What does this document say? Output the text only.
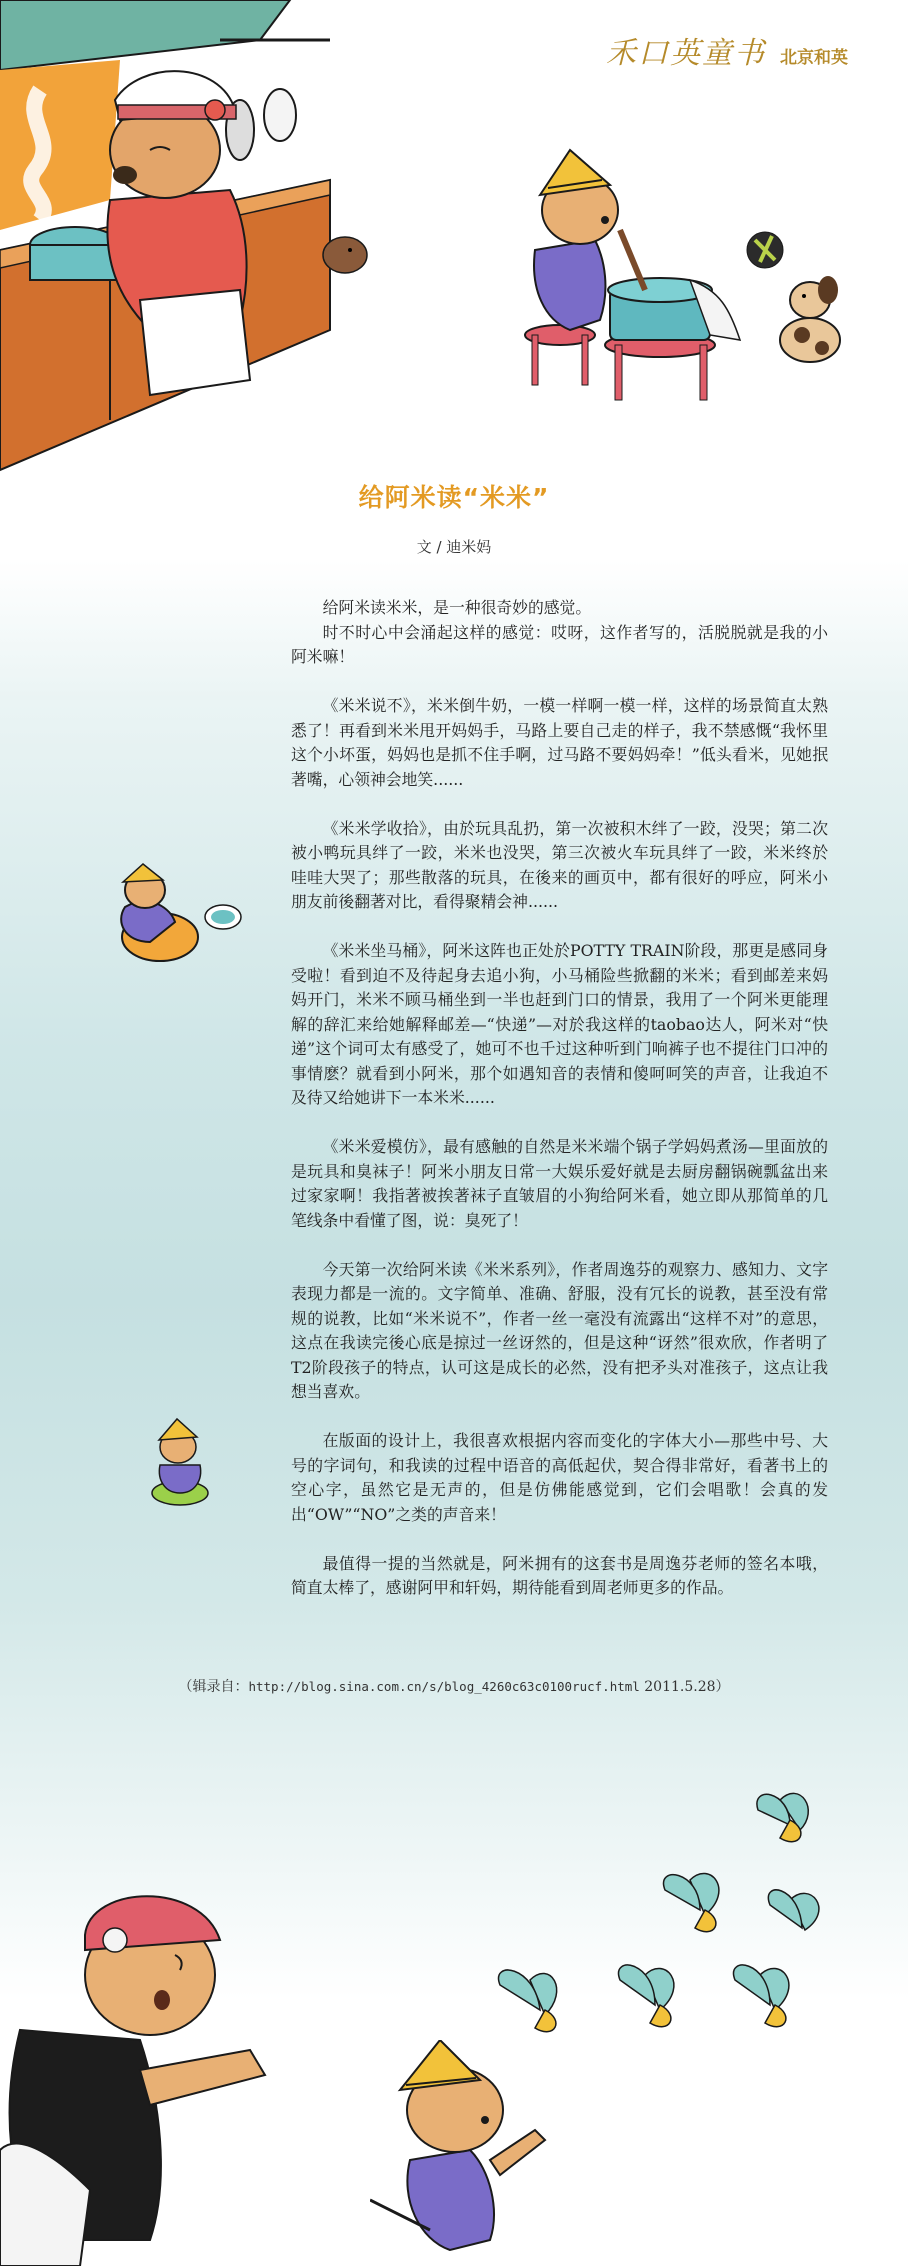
禾口英童书 北京和英
给阿米读“米米”
文 / 迪米妈

给阿米读米米，是一种很奇妙的感觉。

时不时心中会涌起这样的感觉：哎呀，这作者写的，活脱脱就是我的小阿米嘛！

《米米说不》，米米倒牛奶，一模一样啊一模一样，这样的场景简直太熟悉了！再看到米米甩开妈妈手，马路上要自己走的样子，我不禁感慨“我怀里这个小坏蛋，妈妈也是抓不住手啊，过马路不要妈妈牵！”低头看米，见她抿著嘴，心领神会地笑......

《米米学收拾》，由於玩具乱扔，第一次被积木绊了一跤，没哭；第二次被小鸭玩具绊了一跤，米米也没哭，第三次被火车玩具绊了一跤，米米终於哇哇大哭了；那些散落的玩具，在後来的画页中，都有很好的呼应，阿米小朋友前後翻著对比，看得聚精会神......

《米米坐马桶》，阿米这阵也正处於POTTY TRAIN阶段，那更是感同身受啦！看到迫不及待起身去追小狗，小马桶险些掀翻的米米；看到邮差来妈妈开门，米米不顾马桶坐到一半也赶到门口的情景，我用了一个阿米更能理解的辞汇来给她解释邮差—“快递”—对於我这样的taobao达人，阿米对“快递”这个词可太有感受了，她可不也千过这种听到门响裤子也不提往门口冲的事情麽？就看到小阿米，那个如遇知音的表情和傻呵呵笑的声音，让我迫不及待又给她讲下一本米米......

《米米爱模仿》，最有感触的自然是米米端个锅子学妈妈煮汤—里面放的是玩具和臭袜子！阿米小朋友日常一大娱乐爱好就是去厨房翻锅碗瓢盆出来过家家啊！我指著被挨著袜子直皱眉的小狗给阿米看，她立即从那简单的几笔线条中看懂了图，说：臭死了！

今天第一次给阿米读《米米系列》，作者周逸芬的观察力、感知力、文字表现力都是一流的。文字简单、准确、舒服，没有冗长的说教，甚至没有常规的说教，比如“米米说不”，作者一丝一毫没有流露出“这样不对”的意思，这点在我读完後心底是掠过一丝讶然的，但是这种“讶然”很欢欣，作者明了T2阶段孩子的特点，认可这是成长的必然，没有把矛头对准孩子，这点让我想当喜欢。

在版面的设计上，我很喜欢根据内容而变化的字体大小—那些中号、大号的字词句，和我读的过程中语音的高低起伏，契合得非常好，看著书上的空心字，虽然它是无声的，但是仿佛能感觉到，它们会唱歌！会真的发出“OW”“NO”之类的声音来！

最值得一提的当然就是，阿米拥有的这套书是周逸芬老师的签名本哦，简直太棒了，感谢阿甲和轩妈，期待能看到周老师更多的作品。

（辑录自：http://blog.sina.com.cn/s/blog_4260c63c0100rucf.html 2011.5.28）
